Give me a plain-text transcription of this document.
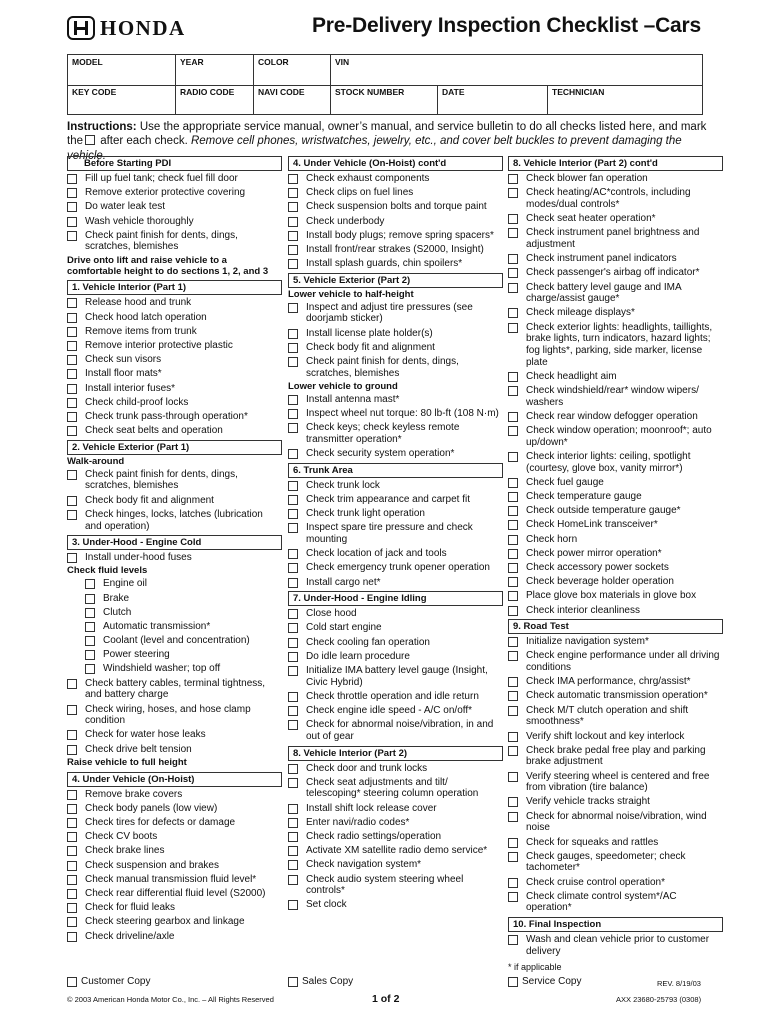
HONDA	Pre-Delivery Inspection Checklist –Cars
MODEL	YEAR	COLOR	VIN
KEY CODE	RADIO CODE	NAVI CODE	STOCK NUMBER	DATE	TECHNICIAN
Instructions: Use the appropriate service manual, owner’s manual, and service bulletin to do all checks listed here, and mark
the after each check. Remove cell phones, wristwatches, jewelry, etc., and cover belt buckles to prevent damaging the vehicle.
Before Starting PDI
Fill up fuel tank; check fuel fill door
Remove exterior protective covering
Do water leak test
Wash vehicle thoroughly
Check paint finish for dents, dings, scratches, blemishes
Drive onto lift and raise vehicle to a comfortable height to do sections 1, 2, and 3
1. Vehicle Interior (Part 1)
Release hood and trunk
Check hood latch operation
Remove items from trunk
Remove interior protective plastic
Check sun visors
Install floor mats*
Install interior fuses*
Check child-proof locks
Check trunk pass-through operation*
Check seat belts and operation
2. Vehicle Exterior (Part 1)
Walk-around
Check paint finish for dents, dings, scratches, blemishes
Check body fit and alignment
Check hinges, locks, latches (lubrication and operation)
3. Under-Hood - Engine Cold
Install under-hood fuses
Check fluid levels
Engine oil
Brake
Clutch
Automatic transmission*
Coolant (level and concentration)
Power steering
Windshield washer; top off
Check battery cables, terminal tightness, and battery charge
Check wiring, hoses, and hose clamp condition
Check for water hose leaks
Check drive belt tension
Raise vehicle to full height
4. Under Vehicle (On-Hoist)
Remove brake covers
Check body panels (low view)
Check tires for defects or damage
Check CV boots
Check brake lines
Check suspension and brakes
Check manual transmission fluid level*
Check rear differential fluid level (S2000)
Check for fluid leaks
Check steering gearbox and linkage
Check driveline/axle
4. Under Vehicle (On-Hoist) cont'd
Check exhaust components
Check clips on fuel lines
Check suspension bolts and torque paint
Check underbody
Install body plugs; remove spring spacers*
Install front/rear strakes (S2000, Insight)
Install splash guards, chin spoilers*
5. Vehicle Exterior (Part 2)
Lower vehicle to half-height
Inspect and adjust tire pressures (see doorjamb sticker)
Install license plate holder(s)
Check body fit and alignment
Check paint finish for dents, dings, scratches, blemishes
Lower vehicle to ground
Install antenna mast*
Inspect wheel nut torque: 80 lb-ft (108 N·m)
Check keys; check keyless remote transmitter operation*
Check security system operation*
6. Trunk Area
Check trunk lock
Check trim appearance and carpet fit
Check trunk light operation
Inspect spare tire pressure and check mounting
Check location of jack and tools
Check emergency trunk opener operation
Install cargo net*
7. Under-Hood - Engine Idling
Close hood
Cold start engine
Check cooling fan operation
Do idle learn procedure
Initialize IMA battery level gauge (Insight, Civic Hybrid)
Check throttle operation and idle return
Check engine idle speed - A/C on/off*
Check for abnormal noise/vibration, in and out of gear
8. Vehicle Interior (Part 2)
Check door and trunk locks
Check seat adjustments and tilt/ telescoping* steering column operation
Install shift lock release cover
Enter navi/radio codes*
Check radio settings/operation
Activate XM satellite radio demo service*
Check navigation system*
Check audio system steering wheel controls*
Set clock
8. Vehicle Interior (Part 2) cont'd
Check blower fan operation
Check heating/AC*controls, including modes/dual controls*
Check seat heater operation*
Check instrument panel brightness and adjustment
Check instrument panel indicators
Check passenger's airbag off indicator*
Check battery level gauge and IMA charge/assist gauge*
Check mileage displays*
Check exterior lights: headlights, taillights, brake lights, turn indicators, hazard lights; fog lights*, parking, side marker, license plate
Check headlight aim
Check windshield/rear* window wipers/ washers
Check rear window defogger operation
Check window operation; moonroof*; auto up/down*
Check interior lights: ceiling, spotlight (courtesy, glove box, vanity mirror*)
Check fuel gauge
Check temperature gauge
Check outside temperature gauge*
Check HomeLink transceiver*
Check horn
Check power mirror operation*
Check accessory power sockets
Check beverage holder operation
Place glove box materials in glove box
Check interior cleanliness
9. Road Test
Initialize navigation system*
Check engine performance under all driving conditions
Check IMA performance, chrg/assist*
Check automatic transmission operation*
Check M/T clutch operation and shift smoothness*
Verify shift lockout and key interlock
Check brake pedal free play and parking brake adjustment
Verify steering wheel is centered and free from vibration (tire balance)
Verify vehicle tracks straight
Check for abnormal noise/vibration, wind noise
Check for squeaks and rattles
Check gauges, speedometer; check tachometer*
Check cruise control operation*
Check climate control system*/AC operation*
10. Final Inspection
Wash and clean vehicle prior to customer delivery
* if applicable
Customer Copy	Sales Copy	Service Copy	REV. 8/19/03
© 2003 American Honda Motor Co., Inc. – All Rights Reserved	1 of 2	AXX 23680-25793 (0308)
